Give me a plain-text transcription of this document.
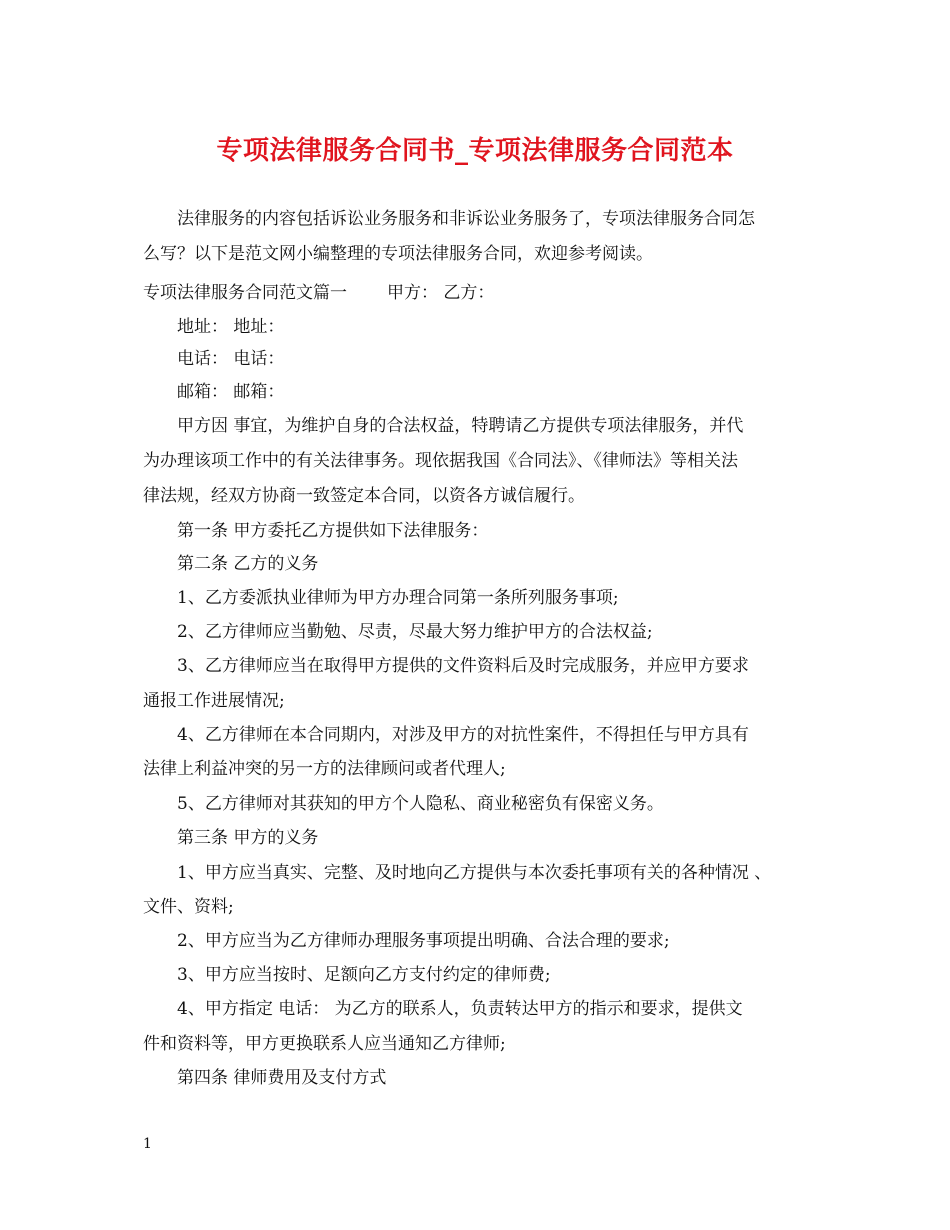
专项法律服务合同书_专项法律服务合同范本
法律服务的内容包括诉讼业务服务和非诉讼业务服务了，专项法律服务合同怎
么写？以下是范文网小编整理的专项法律服务合同，欢迎参考阅读。
专项法律服务合同范文篇一 甲方： 乙方：
地址： 地址：
电话： 电话：
邮箱： 邮箱：
甲方因 事宜，为维护自身的合法权益，特聘请乙方提供专项法律服务，并代
为办理该项工作中的有关法律事务。现依据我国《合同法》、《律师法》等相关法
律法规，经双方协商一致签定本合同，以资各方诚信履行。
第一条 甲方委托乙方提供如下法律服务：
第二条 乙方的义务
1、乙方委派执业律师为甲方办理合同第一条所列服务事项;
2、乙方律师应当勤勉、尽责，尽最大努力维护甲方的合法权益;
3、乙方律师应当在取得甲方提供的文件资料后及时完成服务，并应甲方要求
通报工作进展情况;
4、乙方律师在本合同期内，对涉及甲方的对抗性案件，不得担任与甲方具有
法律上利益冲突的另一方的法律顾问或者代理人;
5、乙方律师对其获知的甲方个人隐私、商业秘密负有保密义务。
第三条 甲方的义务
1、甲方应当真实、完整、及时地向乙方提供与本次委托事项有关的各种情况 、
文件、资料;
2、甲方应当为乙方律师办理服务事项提出明确、合法合理的要求;
3、甲方应当按时、足额向乙方支付约定的律师费;
4、甲方指定 电话： 为乙方的联系人，负责转达甲方的指示和要求，提供文
件和资料等，甲方更换联系人应当通知乙方律师;
第四条 律师费用及支付方式
1
